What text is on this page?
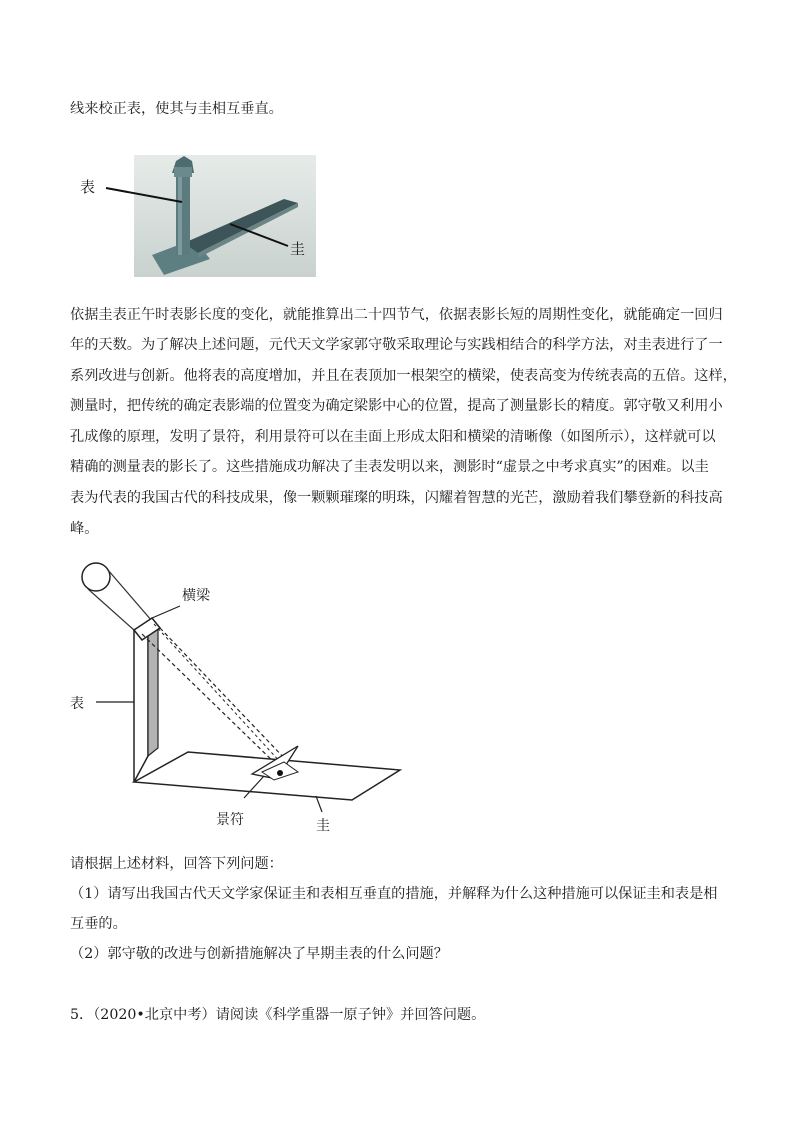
线来校正表，使其与圭相互垂直。
表
圭
依据圭表正午时表影长度的变化，就能推算出二十四节气，依据表影长短的周期性变化，就能确定一回归
年的天数。为了解决上述问题，元代天文学家郭守敬采取理论与实践相结合的科学方法，对圭表进行了一
系列改进与创新。他将表的高度增加，并且在表顶加一根架空的横梁，使表高变为传统表高的五倍。这样，
测量时，把传统的确定表影端的位置变为确定梁影中心的位置，提高了测量影长的精度。郭守敬又利用小
孔成像的原理，发明了景符，利用景符可以在圭面上形成太阳和横梁的清晰像（如图所示），这样就可以
精确的测量表的影长了。这些措施成功解决了圭表发明以来，测影时“虚景之中考求真实”的困难。以圭
表为代表的我国古代的科技成果，像一颗颗璀璨的明珠，闪耀着智慧的光芒，激励着我们攀登新的科技高
峰。
横梁
表
景符	圭
请根据上述材料，回答下列问题：
（1）请写出我国古代天文学家保证圭和表相互垂直的措施，并解释为什么这种措施可以保证圭和表是相
互垂的。
（2）郭守敬的改进与创新措施解决了早期圭表的什么问题？
5．（2020•北京中考）请阅读《科学重器一原子钟》并回答问题。
